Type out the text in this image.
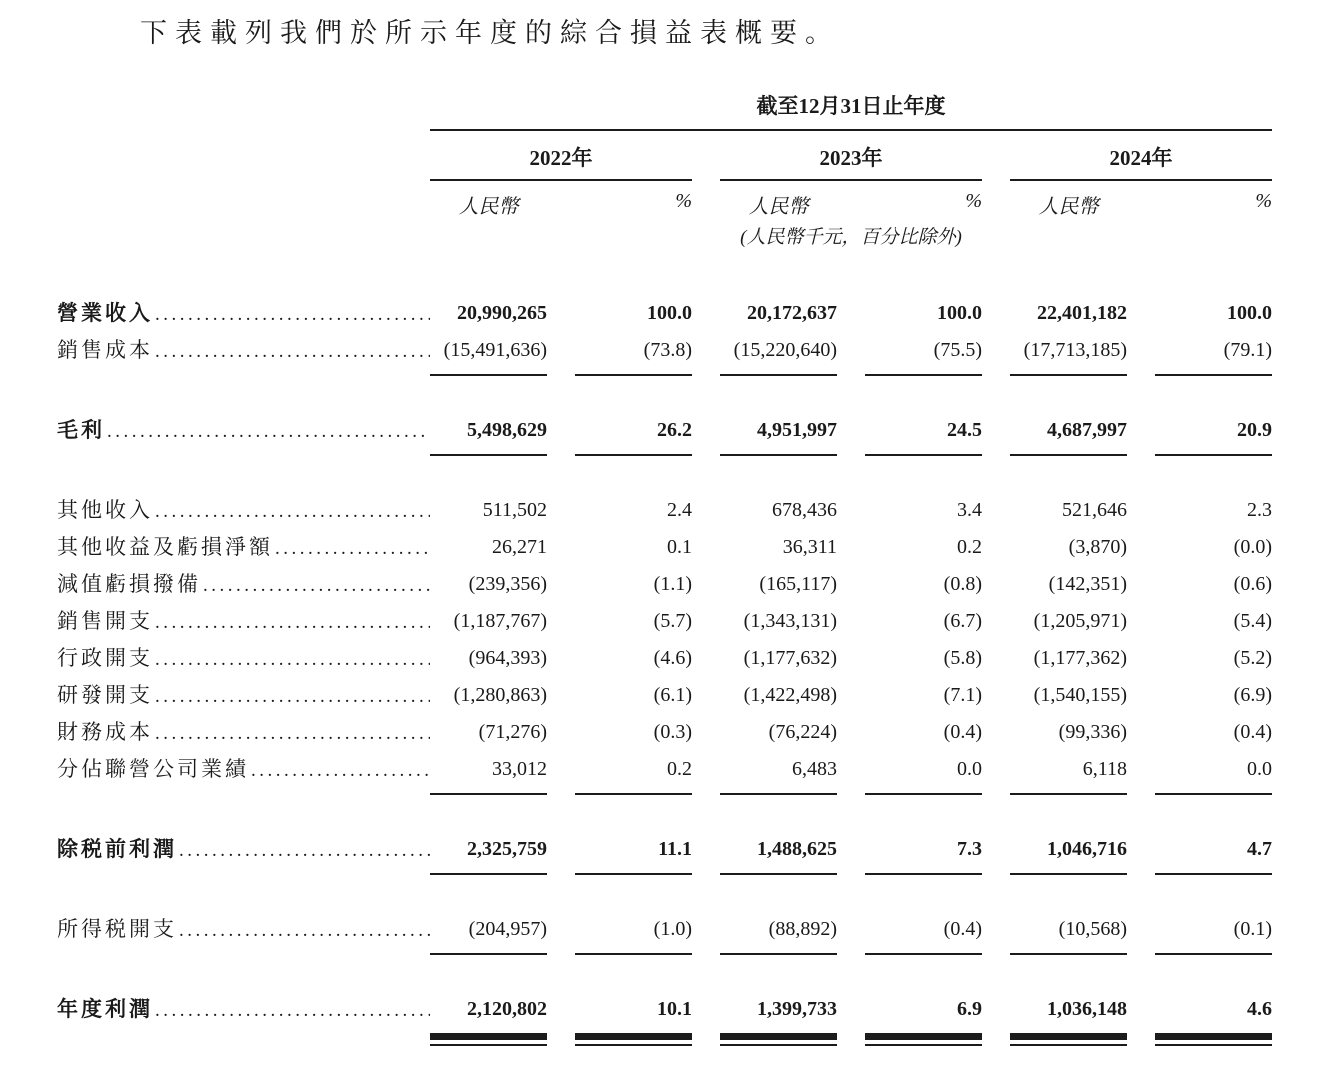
下表載列我們於所示年度的綜合損益表概要。

截至12月31日止年度
2022年	2023年	2024年
人民幣	%	人民幣	%	人民幣	%
(人民幣千元，百分比除外)
營業收入 .....	20,990,265	100.0	20,172,637	100.0	22,401,182	100.0
銷售成本 .....	(15,491,636)	(73.8)	(15,220,640)	(75.5)	(17,713,185)	(79.1)
毛利 .....	5,498,629	26.2	4,951,997	24.5	4,687,997	20.9
其他收入 .....	511,502	2.4	678,436	3.4	521,646	2.3
其他收益及虧損淨額 .....	26,271	0.1	36,311	0.2	(3,870)	(0.0)
減值虧損撥備 .....	(239,356)	(1.1)	(165,117)	(0.8)	(142,351)	(0.6)
銷售開支 .....	(1,187,767)	(5.7)	(1,343,131)	(6.7)	(1,205,971)	(5.4)
行政開支 .....	(964,393)	(4.6)	(1,177,632)	(5.8)	(1,177,362)	(5.2)
研發開支 .....	(1,280,863)	(6.1)	(1,422,498)	(7.1)	(1,540,155)	(6.9)
財務成本 .....	(71,276)	(0.3)	(76,224)	(0.4)	(99,336)	(0.4)
分佔聯營公司業績 .....	33,012	0.2	6,483	0.0	6,118	0.0
除税前利潤 .....	2,325,759	11.1	1,488,625	7.3	1,046,716	4.7
所得税開支 .....	(204,957)	(1.0)	(88,892)	(0.4)	(10,568)	(0.1)
年度利潤 .....	2,120,802	10.1	1,399,733	6.9	1,036,148	4.6
